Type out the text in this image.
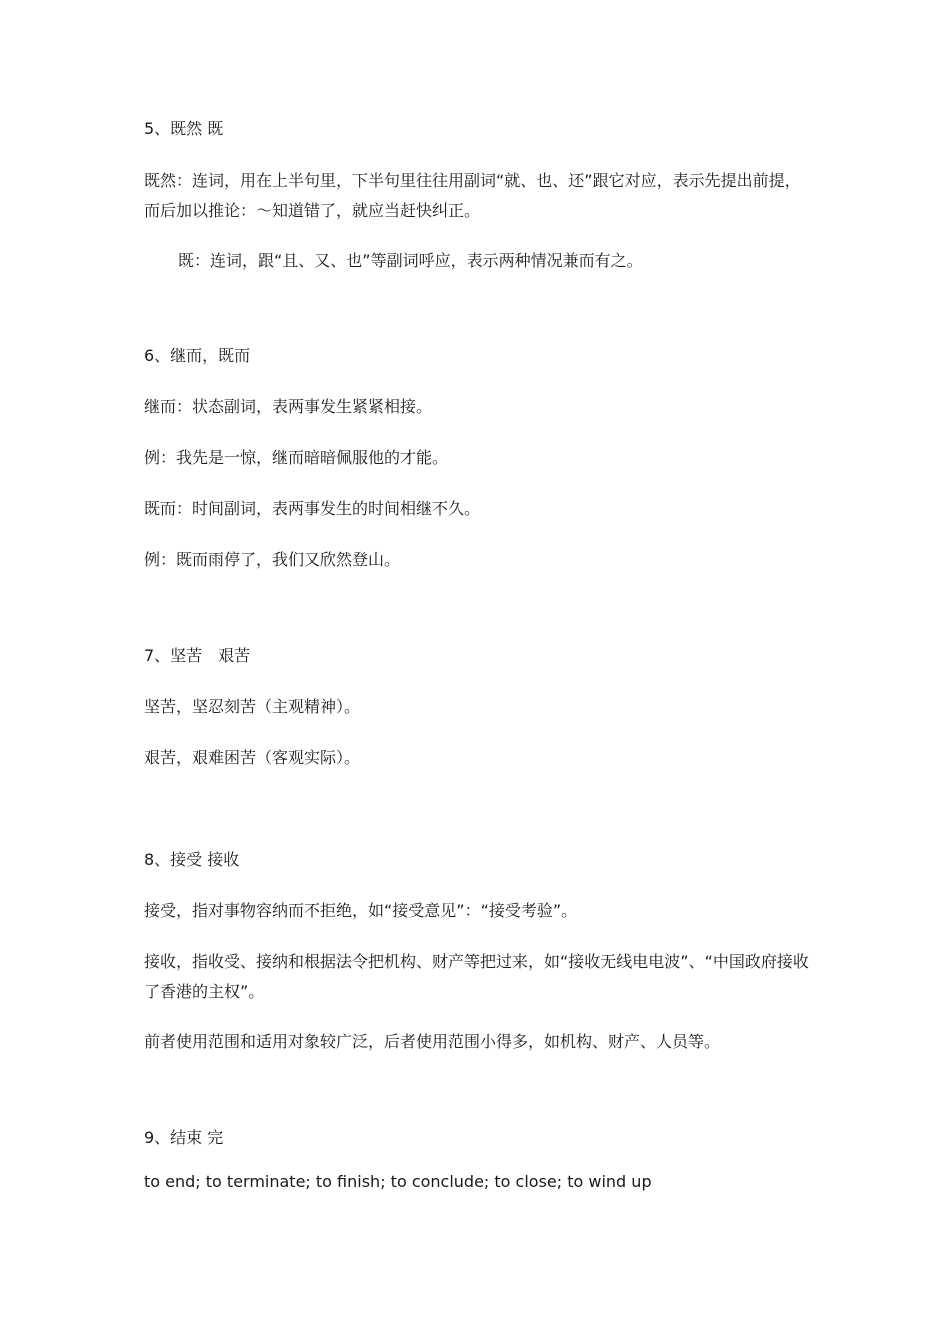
5、既然 既
既然：连词，用在上半句里，下半句里往往用副词“就、也、还”跟它对应，表示先提出前提，而后加以推论：～知道错了，就应当赶快纠正。
既：连词，跟“且、又、也”等副词呼应，表示两种情况兼而有之。
6、继而，既而
继而：状态副词，表两事发生紧紧相接。
例：我先是一惊，继而暗暗佩服他的才能。
既而：时间副词，表两事发生的时间相继不久。
例：既而雨停了，我们又欣然登山。
7、坚苦　艰苦
坚苦，坚忍刻苦（主观精神）。
艰苦，艰难困苦（客观实际）。
8、接受 接收
接受，指对事物容纳而不拒绝，如“接受意见”：“接受考验”。
接收，指收受、接纳和根据法令把机构、财产等把过来，如“接收无线电电波”、“中国政府接收了香港的主权”。
前者使用范围和适用对象较广泛，后者使用范围小得多，如机构、财产、人员等。
9、结束 完
to end; to terminate; to finish; to conclude; to close; to wind up
